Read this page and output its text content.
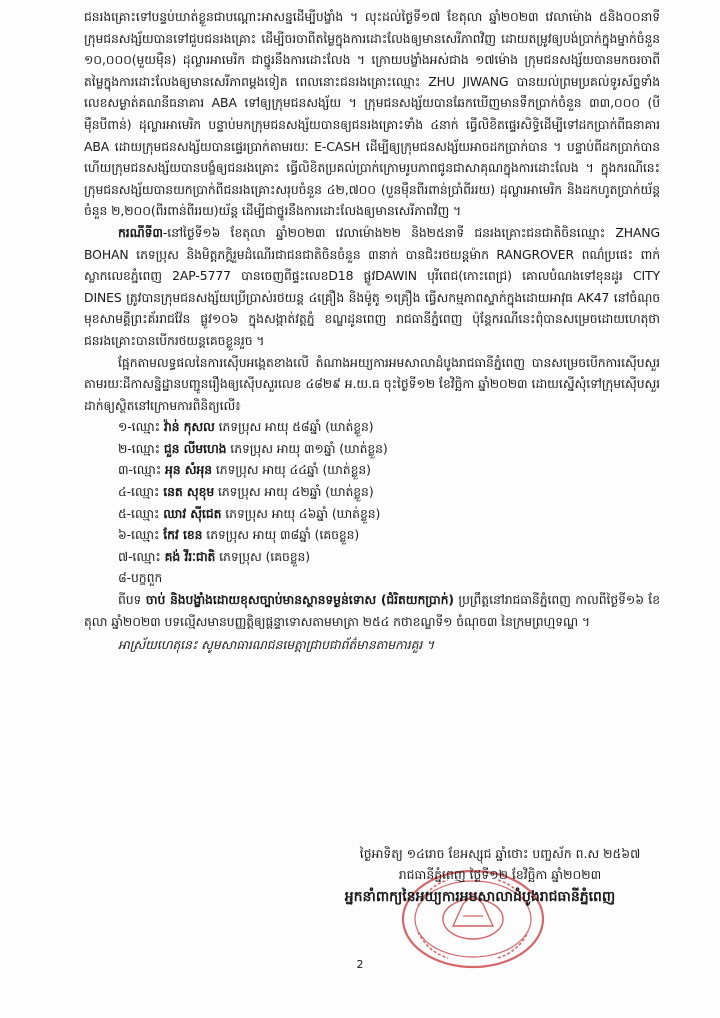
ជនរងគ្រោះទៅបន្ទប់ឃាត់ខ្លួនជាបណ្ដោះអាសន្នដើម្បីបង្ខាំង ។ លុះដល់ថ្ងៃទី១៧ ខែតុលា ឆ្នាំ២០២៣ វេលាម៉ោង ៥និង០០នាទី ក្រុមជនសង្ស័យបានទៅជួបជនរងគ្រោះ ដើម្បីចរចាពីតម្លៃក្នុងការដោះលែងឲ្យមានសេរីភាពវិញ ដោយតម្រូវឲ្យបង់ប្រាក់ក្នុងម្នាក់ចំនួន ១០,០០០(មួយម៉ឺន) ដុល្លារអាមេរិក ជាថ្នូរនឹងការដោះលែង ។ ក្រោយបង្ខាំងអស់ជាង ១៧ម៉ោង ក្រុមជនសង្ស័យបានមកចរចាពីតម្លៃក្នុងការដោះលែងឲ្យមានសេរីភាពម្ដងទៀត ពេលនោះជនរងគ្រោះឈ្មោះ ZHU JIWANG បានយល់ព្រមប្រគល់ទូរស័ព្ទទាំងលេខសម្ងាត់គណនីធនាគារ ABA ទៅឲ្យក្រុមជនសង្ស័យ ។ ក្រុមជនសង្ស័យបានឆែកឃើញមានទឹកប្រាក់ចំនួន ៣៣,០០០ (បីម៉ឺនបីពាន់) ដុល្លារអាមេរិក បន្ទាប់មកក្រុមជនសង្ស័យបានឲ្យជនរងគ្រោះទាំង ៤នាក់ ធ្វើលិខិតផ្ទេរសិទ្ធិដើម្បីទៅដកប្រាក់ពីធនាគារ ABA ដោយក្រុមជនសង្ស័យបានផ្ទេរប្រាក់តាមរយៈ E-CASH ដើម្បីឲ្យក្រុមជនសង្ស័យអាចដកប្រាក់បាន ។ បន្ទាប់ពីដកប្រាក់បានហើយក្រុមជនសង្ស័យបានបង្ខំឲ្យជនរងគ្រោះ ធ្វើលិខិតប្រគល់ប្រាក់ក្រោមរូបភាពជូនជាសាគុណក្នុងការដោះលែង ។ ក្នុងករណីនេះ ក្រុមជនសង្ស័យបានយកប្រាក់ពីជនរងគ្រោះសរុបចំនួន ៤២,៧០០ (បួនម៉ឺនពីរពាន់ប្រាំពីររយ) ដុល្លារអាមេរិក និងដកហូតប្រាក់យ័ន្តចំនួន ២,២០០(ពីរពាន់ពីររយ)យ័ន្ត ដើម្បីជាថ្នូរនឹងការដោះលែងឲ្យមានសេរីភាពវិញ ។

ករណីទី៣-នៅថ្ងៃទី១៦ ខែតុលា ឆ្នាំ២០២៣ វេលាម៉ោង២២ និង២៥នាទី ជនរងគ្រោះជនជាតិចិនឈ្មោះ ZHANG BOHAN ភេទប្រុស និងមិត្តភក្តិរួមដំណើរជាជនជាតិចិនចំនួន ៣នាក់ បានជិះរថយន្តម៉ាក RANGROVER ពណ៌ប្រផេះ ពាក់ស្លាកលេខភ្នំពេញ 2AP-5777 បានចេញពីផ្ទះលេខD18 ផ្លូវDAWIN បុរីពេជ(កោះពេជ្រ) គោលបំណងទៅខុនដូរ CITY DINES ត្រូវបានក្រុមជនសង្ស័យប្រើប្រាស់រថយន្ត ៤គ្រឿង និងម៉ូតូ ១គ្រឿង ធ្វើសកម្មភាពស្ទាក់ក្នុងដោយអាវុធ AK47 នៅចំណុចមុខសាមគ្គីព្រះគ័ររាជវ៉ែន ផ្លូវ១០៦ ក្នុងសង្កាត់វត្តភ្នំ ខណ្ឌដូនពេញ រាជធានីភ្នំពេញ ប៉ុន្តែករណីនេះពុំបានសម្រេចដោយហេតុថា ជនរងគ្រោះបានបើករថយន្តគេចខ្លួនរួច ។

ផ្អែកតាមលទ្ធផលនៃការស៊ើបអង្កេតខាងលើ តំណាងអយ្យការអមសាលាដំបូងរាជធានីភ្នំពេញ បានសម្រេចបើកការស៊ើបសួរតាមរយៈដីកាសន្និដ្ឋានបញ្ជូនរឿងឲ្យស៊ើបសួរលេខ ៤៨២៩ អ.យ.ធ ចុះថ្ងៃទី១២ ខែវិច្ឆិកា ឆ្នាំ២០២៣ ដោយស្នើសុំទៅក្រុមស៊ើបសួរដាក់ឲ្យស្ថិតនៅក្រោមការពិនិត្យលើ៖

១-ឈ្មោះ វ៉ាន់ កុសល ភេទប្រុស អាយុ ៥៨ឆ្នាំ (ឃាត់ខ្លួន)
២-ឈ្មោះ ជួន លីមហេង ភេទប្រុស អាយុ ៣១ឆ្នាំ (ឃាត់ខ្លួន)
៣-ឈ្មោះ អុន សំអុន ភេទប្រុស អាយុ ៤៤ឆ្នាំ (ឃាត់ខ្លួន)
៤-ឈ្មោះ នេត សុខុម ភេទប្រុស អាយុ ៤២ឆ្នាំ (ឃាត់ខ្លួន)
៥-ឈ្មោះ ឈាវ ស៊ីជេត ភេទប្រុស អាយុ ៤៦ឆ្នាំ (ឃាត់ខ្លួន)
៦-ឈ្មោះ កែវ ខេន ភេទប្រុស អាយុ ៣៨ឆ្នាំ (គេចខ្លួន)
៧-ឈ្មោះ គង់ វីរៈជាតិ ភេទប្រុស (គេចខ្លួន)
៨-បក្ខពួក

ពីបទ ចាប់ និងបង្ខាំងដោយខុសច្បាប់មានស្ថានទម្ងន់ទោស (ជំរិតយកប្រាក់) ប្រព្រឹត្តនៅរាជធានីភ្នំពេញ កាលពីថ្ងៃទី១៦ ខែតុលា ឆ្នាំ២០២៣ បទល្មើសមានបញ្ញត្តិឲ្យផ្ដន្ទាទោសតាមមាត្រា ២៥៤ កថាខណ្ឌទី១ ចំណុច៣ នៃក្រមព្រហ្មទណ្ឌ ។

អាស្រ័យហេតុនេះ សូមសាធារណជនមេត្តាជ្រាបជាព័ត៌មានតាមការគួរ ។

ថ្ងៃអាទិត្យ ១៤រោច ខែអស្សុជ ឆ្នាំថោះ បញ្ចស័ក ព.ស ២៥៦៧
រាជធានីភ្នំពេញ ថ្ងៃទី១២ ខែវិច្ឆិកា ឆ្នាំ២០២៣
អ្នកនាំពាក្យនៃអយ្យការអមសាលាដំបូងរាជធានីភ្នំពេញ
2
